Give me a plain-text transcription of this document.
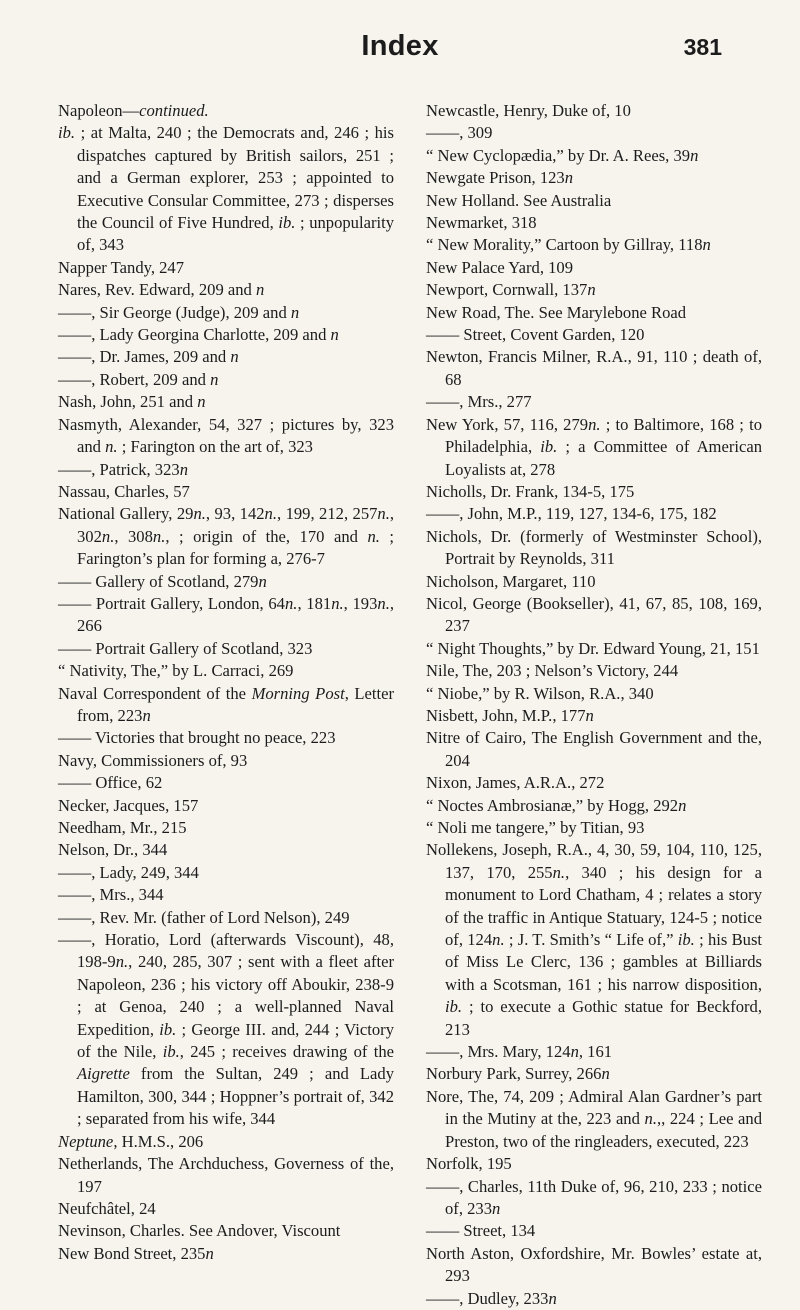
Index	381
Napoleon—continued.
ib. ; at Malta, 240 ; the Democrats and, 246 ; his dispatches captured by British sailors, 251 ; and a German explorer, 253 ; appointed to Executive Consular Committee, 273 ; disperses the Council of Five Hundred, ib. ; unpopularity of, 343
Napper Tandy, 247
Nares, Rev. Edward, 209 and n
——, Sir George (Judge), 209 and n
——, Lady Georgina Charlotte, 209 and n
——, Dr. James, 209 and n
——, Robert, 209 and n
Nash, John, 251 and n
Nasmyth, Alexander, 54, 327 ; pictures by, 323 and n. ; Farington on the art of, 323
——, Patrick, 323n
Nassau, Charles, 57
National Gallery, 29n., 93, 142n., 199, 212, 257n., 302n., 308n., ; origin of the, 170 and n. ; Farington’s plan for forming a, 276-7
—— Gallery of Scotland, 279n
—— Portrait Gallery, London, 64n., 181n., 193n., 266
—— Portrait Gallery of Scotland, 323
“ Nativity, The,” by L. Carraci, 269
Naval Correspondent of the Morning Post, Letter from, 223n
—— Victories that brought no peace, 223
Navy, Commissioners of, 93
—— Office, 62
Necker, Jacques, 157
Needham, Mr., 215
Nelson, Dr., 344
——, Lady, 249, 344
——, Mrs., 344
——, Rev. Mr. (father of Lord Nelson), 249
——, Horatio, Lord (afterwards Viscount), 48, 198-9n., 240, 285, 307 ; sent with a fleet after Napoleon, 236 ; his victory off Aboukir, 238-9 ; at Genoa, 240 ; a well-planned Naval Expedition, ib. ; George III. and, 244 ; Victory of the Nile, ib., 245 ; receives drawing of the Aigrette from the Sultan, 249 ; and Lady Hamilton, 300, 344 ; Hoppner’s portrait of, 342 ; separated from his wife, 344
Neptune, H.M.S., 206
Netherlands, The Archduchess, Governess of the, 197
Neufchâtel, 24
Nevinson, Charles. See Andover, Viscount
New Bond Street, 235n
Newcastle, Henry, Duke of, 10
——, 309
“ New Cyclopædia,” by Dr. A. Rees, 39n
Newgate Prison, 123n
New Holland. See Australia
Newmarket, 318
“ New Morality,” Cartoon by Gillray, 118n
New Palace Yard, 109
Newport, Cornwall, 137n
New Road, The. See Marylebone Road
—— Street, Covent Garden, 120
Newton, Francis Milner, R.A., 91, 110 ; death of, 68
——, Mrs., 277
New York, 57, 116, 279n. ; to Baltimore, 168 ; to Philadelphia, ib. ; a Committee of American Loyalists at, 278
Nicholls, Dr. Frank, 134-5, 175
——, John, M.P., 119, 127, 134-6, 175, 182
Nichols, Dr. (formerly of Westminster School), Portrait by Reynolds, 311
Nicholson, Margaret, 110
Nicol, George (Bookseller), 41, 67, 85, 108, 169, 237
“ Night Thoughts,” by Dr. Edward Young, 21, 151
Nile, The, 203 ; Nelson’s Victory, 244
“ Niobe,” by R. Wilson, R.A., 340
Nisbett, John, M.P., 177n
Nitre of Cairo, The English Government and the, 204
Nixon, James, A.R.A., 272
“ Noctes Ambrosianæ,” by Hogg, 292n
“ Noli me tangere,” by Titian, 93
Nollekens, Joseph, R.A., 4, 30, 59, 104, 110, 125, 137, 170, 255n., 340 ; his design for a monument to Lord Chatham, 4 ; relates a story of the traffic in Antique Statuary, 124-5 ; notice of, 124n. ; J. T. Smith’s “ Life of,” ib. ; his Bust of Miss Le Clerc, 136 ; gambles at Billiards with a Scotsman, 161 ; his narrow disposition, ib. ; to execute a Gothic statue for Beckford, 213
——, Mrs. Mary, 124n, 161
Norbury Park, Surrey, 266n
Nore, The, 74, 209 ; Admiral Alan Gardner’s part in the Mutiny at the, 223 and n.,, 224 ; Lee and Preston, two of the ringleaders, executed, 223
Norfolk, 195
——, Charles, 11th Duke of, 96, 210, 233 ; notice of, 233n
—— Street, 134
North Aston, Oxfordshire, Mr. Bowles’ estate at, 293
——, Dudley, 233n
